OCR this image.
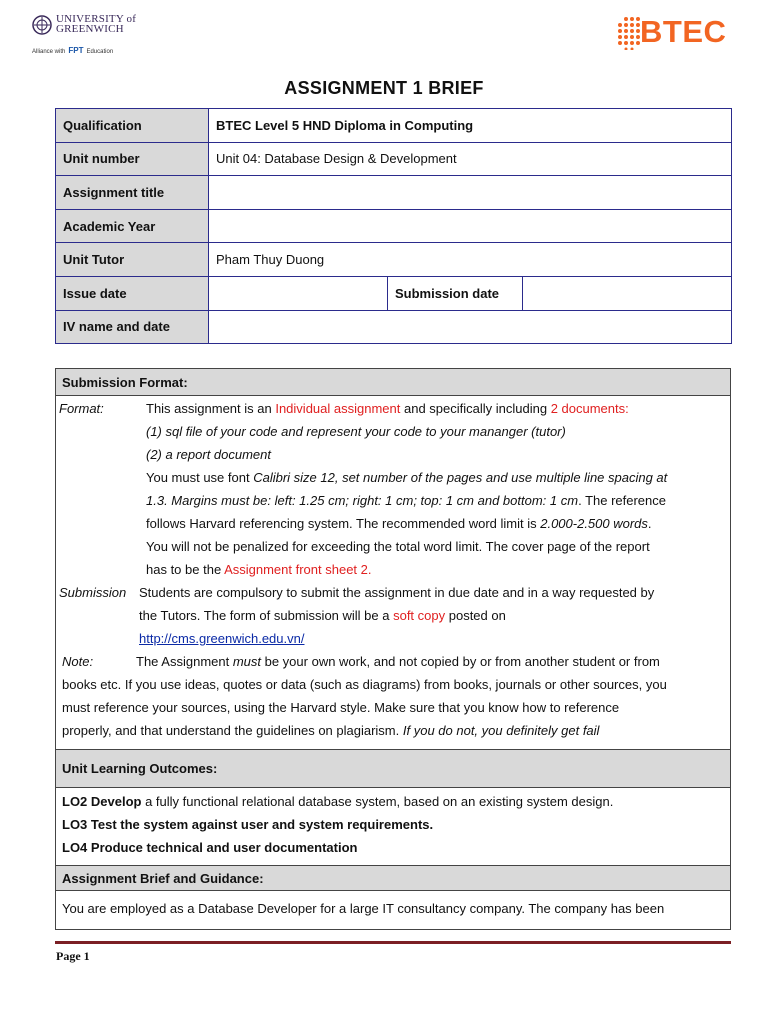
UNIVERSITY of
GREENWICH
Alliance with FPT Education
BTEC
ASSIGNMENT 1 BRIEF
Qualification	BTEC Level 5 HND Diploma in Computing		
Unit number	Unit 04: Database Design & Development		
Assignment title			
Academic Year			
Unit Tutor	Pham Thuy Duong		
Issue date		Submission date	
IV name and date			
Submission Format:
Format:	This assignment is an Individual assignment and specifically including 2 documents:
(1) sql file of your code and represent your code to your mananger (tutor)
(2) a report document
You must use font Calibri size 12, set number of the pages and use multiple line spacing at
1.3. Margins must be: left: 1.25 cm; right: 1 cm; top: 1 cm and bottom: 1 cm. The reference
follows Harvard referencing system. The recommended word limit is 2.000-2.500 words.
You will not be penalized for exceeding the total word limit. The cover page of the report
has to be the Assignment front sheet 2.
Submission Students are compulsory to submit the assignment in due date and in a way requested by
the Tutors. The form of submission will be a soft copy posted on
http://cms.greenwich.edu.vn/
Note:	The Assignment must be your own work, and not copied by or from another student or from
books etc. If you use ideas, quotes or data (such as diagrams) from books, journals or other sources, you
must reference your sources, using the Harvard style. Make sure that you know how to reference
properly, and that understand the guidelines on plagiarism. If you do not, you definitely get fail
Unit Learning Outcomes:
LO2 Develop a fully functional relational database system, based on an existing system design.
LO3 Test the system against user and system requirements.
LO4 Produce technical and user documentation
Assignment Brief and Guidance:
You are employed as a Database Developer for a large IT consultancy company. The company has been
Page 1
